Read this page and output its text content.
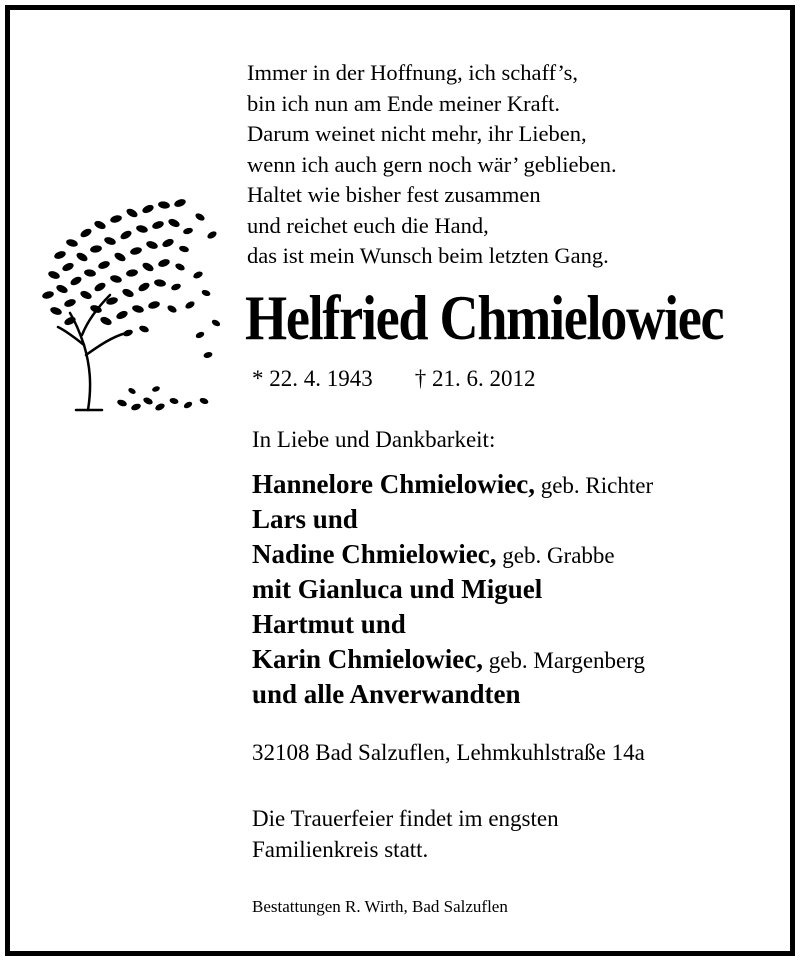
Immer in der Hoffnung, ich schaff’s,
bin ich nun am Ende meiner Kraft.
Darum weinet nicht mehr, ihr Lieben,
wenn ich auch gern noch wär’ geblieben.
Haltet wie bisher fest zusammen
und reichet euch die Hand,
das ist mein Wunsch beim letzten Gang.
Helfried Chmielowiec
* 22. 4. 1943 † 21. 6. 2012
In Liebe und Dankbarkeit:
Hannelore Chmielowiec, geb. Richter
Lars und
Nadine Chmielowiec, geb. Grabbe
mit Gianluca und Miguel
Hartmut und
Karin Chmielowiec, geb. Margenberg
und alle Anverwandten
32108 Bad Salzuflen, Lehmkuhlstraße 14a
Die Trauerfeier findet im engsten
Familienkreis statt.
Bestattungen R. Wirth, Bad Salzuflen
